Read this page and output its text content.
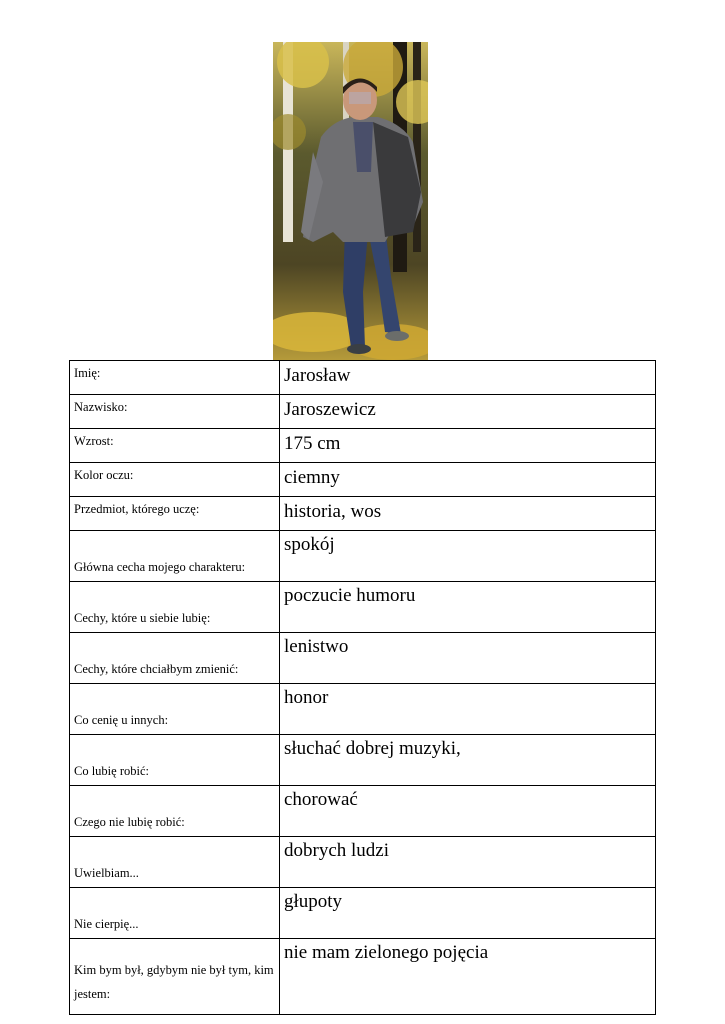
Imię:	Jarosław
Nazwisko:	Jaroszewicz
Wzrost:	175 cm
Kolor oczu:	ciemny
Przedmiot, którego uczę:	historia, wos
Główna cecha mojego charakteru:	spokój
Cechy, które u siebie lubię:	poczucie humoru
Cechy, które chciałbym zmienić:	lenistwo
Co cenię u innych:	honor
Co lubię robić:	słuchać dobrej muzyki,
Czego nie lubię robić:	chorować
Uwielbiam...	dobrych ludzi
Nie cierpię...	głupoty
Kim bym był, gdybym nie był tym, kim jestem:	nie mam zielonego pojęcia
